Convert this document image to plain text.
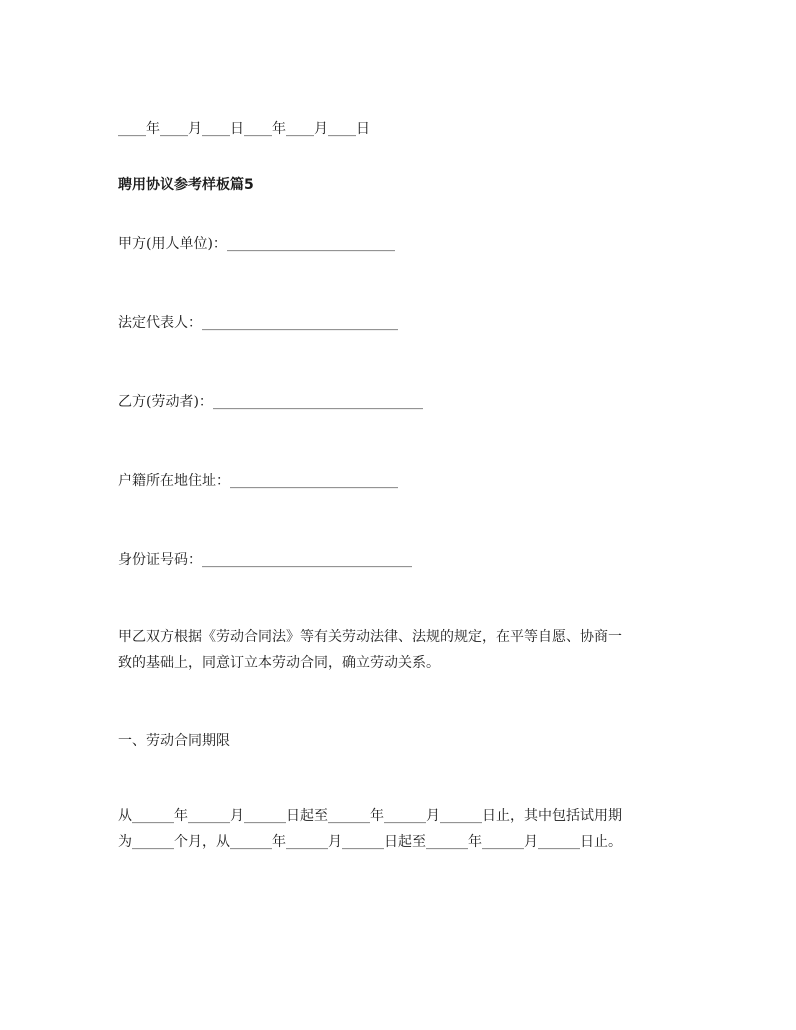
____年____月____日____年____月____日
聘用协议参考样板篇5
甲方(用人单位)：________________________
法定代表人：____________________________
乙方(劳动者)：______________________________
户籍所在地住址：________________________
身份证号码：______________________________
甲乙双方根据《劳动合同法》等有关劳动法律、法规的规定，在平等自愿、协商一
致的基础上，同意订立本劳动合同，确立劳动关系。
一、劳动合同期限
从______年______月______日起至______年______月______日止，其中包括试用期
为______个月，从______年______月______日起至______年______月______日止。
